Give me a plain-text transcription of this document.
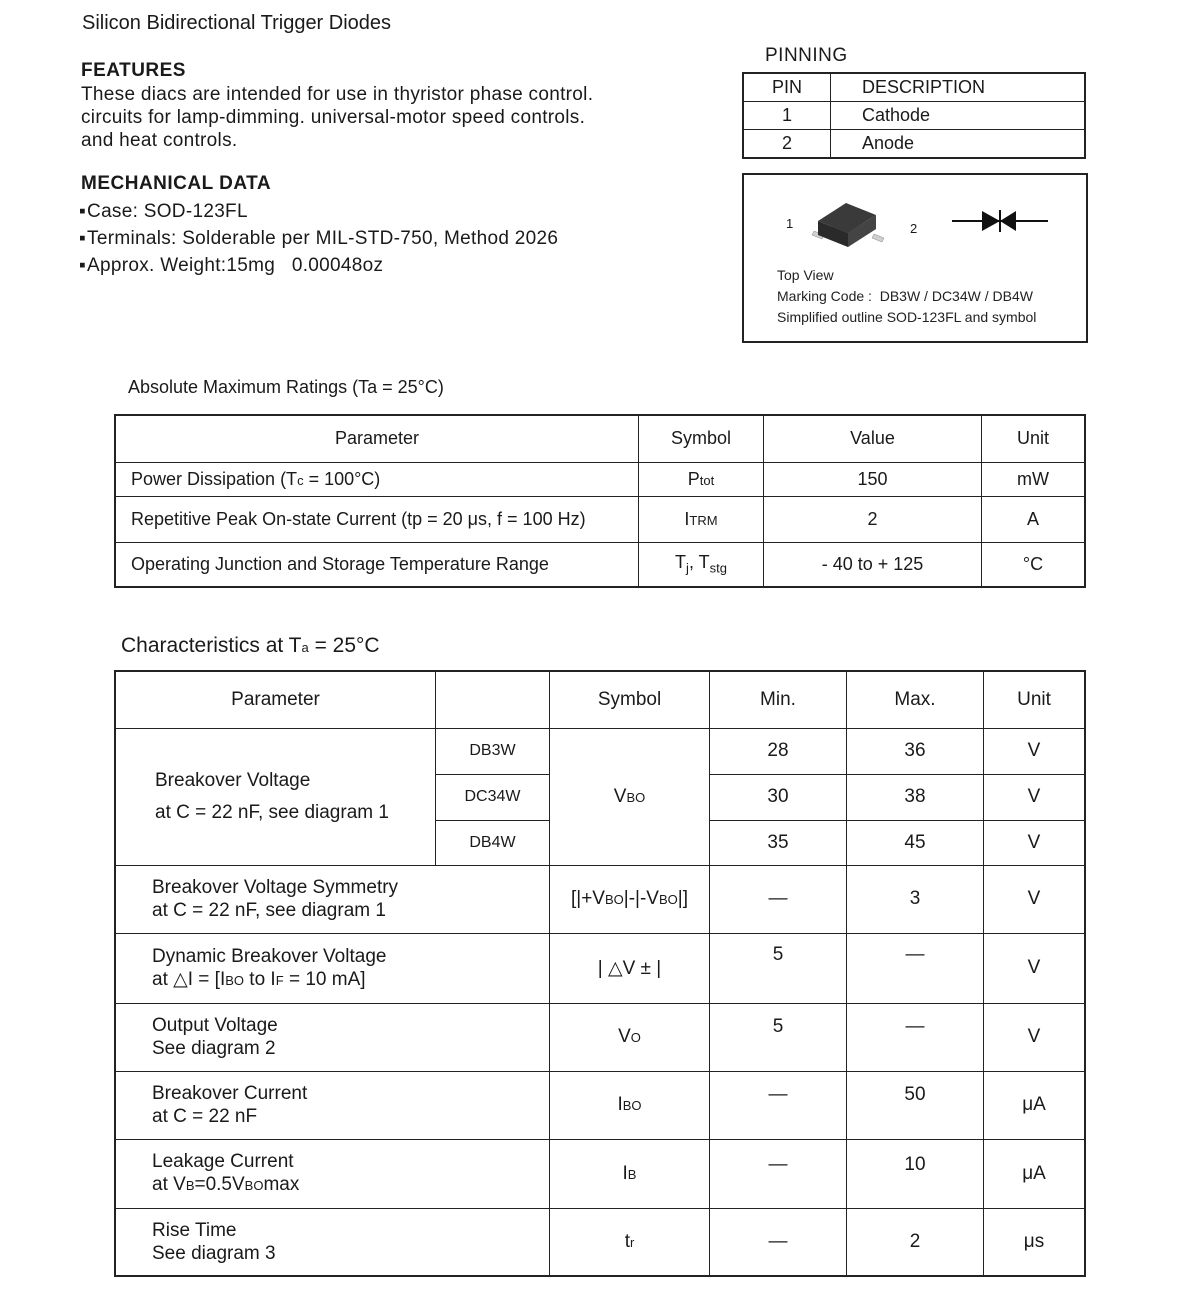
Silicon Bidirectional Trigger Diodes
FEATURES
These diacs are intended for use in thyristor phase control.
circuits for lamp-dimming. universal-motor speed controls.
and heat controls.
MECHANICAL DATA
▪ Case: SOD-123FL
▪ Terminals: Solderable per MIL-STD-750, Method 2026
▪ Approx. Weight:15mg   0.00048oz
PINNING
PIN	DESCRIPTION
1	Cathode
2	Anode
1	2
Top View
Marking Code :  DB3W / DC34W / DB4W
Simplified outline SOD-123FL and symbol
Absolute Maximum Ratings (Ta = 25°C)
Parameter	Symbol	Value	Unit
Power Dissipation (Tc = 100°C)	Ptot	150	mW
Repetitive Peak On-state Current (tp = 20 μs, f = 100 Hz)	ITRM	2	A
Operating Junction and Storage Temperature Range	$T_j$, $T_{stg}$	- 40 to + 125	°C
Characteristics at Ta = 25°C
Parameter		Symbol	Min.	Max.	Unit

Breakover Voltage
at C = 22 nF, see diagram 1	DB3W	VBO	28	36	V
	DC34W		30	38	V
	DB4W		35	45	V

Breakover Voltage Symmetry
at C = 22 nF, see diagram 1		[|+VBO|-|-VBO|]	—	3	V

Dynamic Breakover Voltage
at △I = [IBO to IF = 10 mA]		| △V ± |	5	—	V

Output Voltage
See diagram 2		VO	5	—	V

Breakover Current
at C = 22 nF		IBO	—	50	μA

Leakage Current
at VB=0.5VBOmax		IB	—	10	μA

Rise Time
See diagram 3		tr	—	2	μs
